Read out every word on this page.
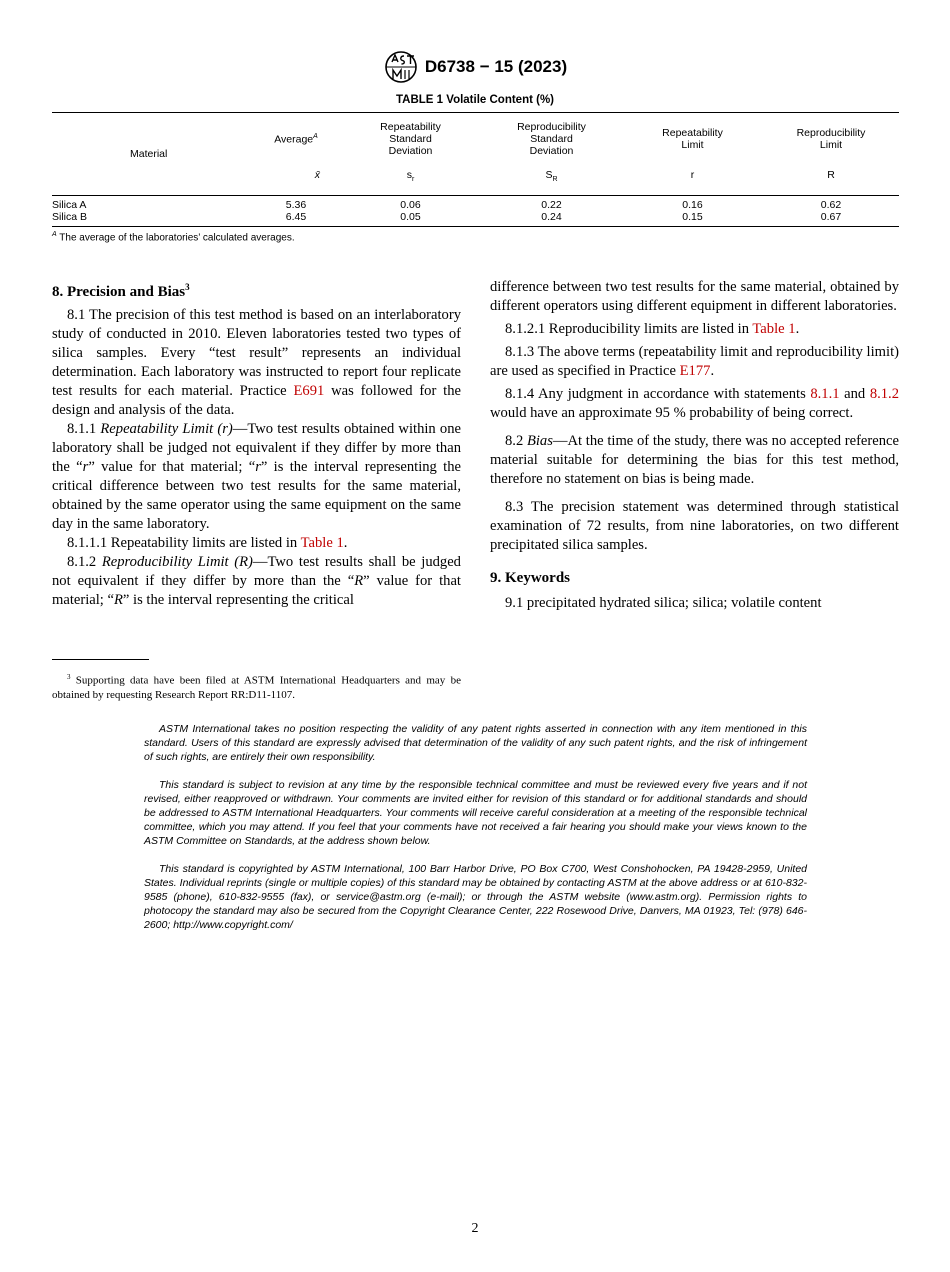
D6738 − 15 (2023)
TABLE 1 Volatile Content (%)
Material	Average$^A$	Repeatability
Standard
Deviation	Reproducibility
Standard
Deviation	Repeatability
Limit	Reproducibility
Limit
	x̄	$s_r$	$S_R$	r	R
Silica A	5.36	0.06	0.22	0.16	0.62
Silica B	6.45	0.05	0.24	0.15	0.67
$^A$ The average of the laboratories’ calculated averages.

8. Precision and Bias$^3$

8.1 The precision of this test method is based on an interlaboratory study of conducted in 2010. Eleven laboratories tested two types of silica samples. Every “test result” represents an individual determination. Each laboratory was instructed to report four replicate test results for each material. Practice E691 was followed for the design and analysis of the data.

8.1.1 Repeatability Limit (r)—Two test results obtained within one laboratory shall be judged not equivalent if they differ by more than the “r” value for that material; “r” is the interval representing the critical difference between two test results for the same material, obtained by the same operator using the same equipment on the same day in the same laboratory.

8.1.1.1 Repeatability limits are listed in Table 1.

8.1.2 Reproducibility Limit (R)—Two test results shall be judged not equivalent if they differ by more than the “R” value for that material; “R” is the interval representing the critical

$^3$ Supporting data have been filed at ASTM International Headquarters and may be obtained by requesting Research Report RR:D11-1107.

difference between two test results for the same material, obtained by different operators using different equipment in different laboratories.

8.1.2.1 Reproducibility limits are listed in Table 1.

8.1.3 The above terms (repeatability limit and reproducibility limit) are used as specified in Practice E177.

8.1.4 Any judgment in accordance with statements 8.1.1 and 8.1.2 would have an approximate 95 % probability of being correct.

8.2 Bias—At the time of the study, there was no accepted reference material suitable for determining the bias for this test method, therefore no statement on bias is being made.

8.3 The precision statement was determined through statistical examination of 72 results, from nine laboratories, on two different precipitated silica samples.

9. Keywords

9.1 precipitated hydrated silica; silica; volatile content

ASTM International takes no position respecting the validity of any patent rights asserted in connection with any item mentioned in this standard. Users of this standard are expressly advised that determination of the validity of any such patent rights, and the risk of infringement of such rights, are entirely their own responsibility.

This standard is subject to revision at any time by the responsible technical committee and must be reviewed every five years and if not revised, either reapproved or withdrawn. Your comments are invited either for revision of this standard or for additional standards and should be addressed to ASTM International Headquarters. Your comments will receive careful consideration at a meeting of the responsible technical committee, which you may attend. If you feel that your comments have not received a fair hearing you should make your views known to the ASTM Committee on Standards, at the address shown below.

This standard is copyrighted by ASTM International, 100 Barr Harbor Drive, PO Box C700, West Conshohocken, PA 19428-2959, United States. Individual reprints (single or multiple copies) of this standard may be obtained by contacting ASTM at the above address or at 610-832-9585 (phone), 610-832-9555 (fax), or service@astm.org (e-mail); or through the ASTM website (www.astm.org). Permission rights to photocopy the standard may also be secured from the Copyright Clearance Center, 222 Rosewood Drive, Danvers, MA 01923, Tel: (978) 646-2600; http://www.copyright.com/

2
